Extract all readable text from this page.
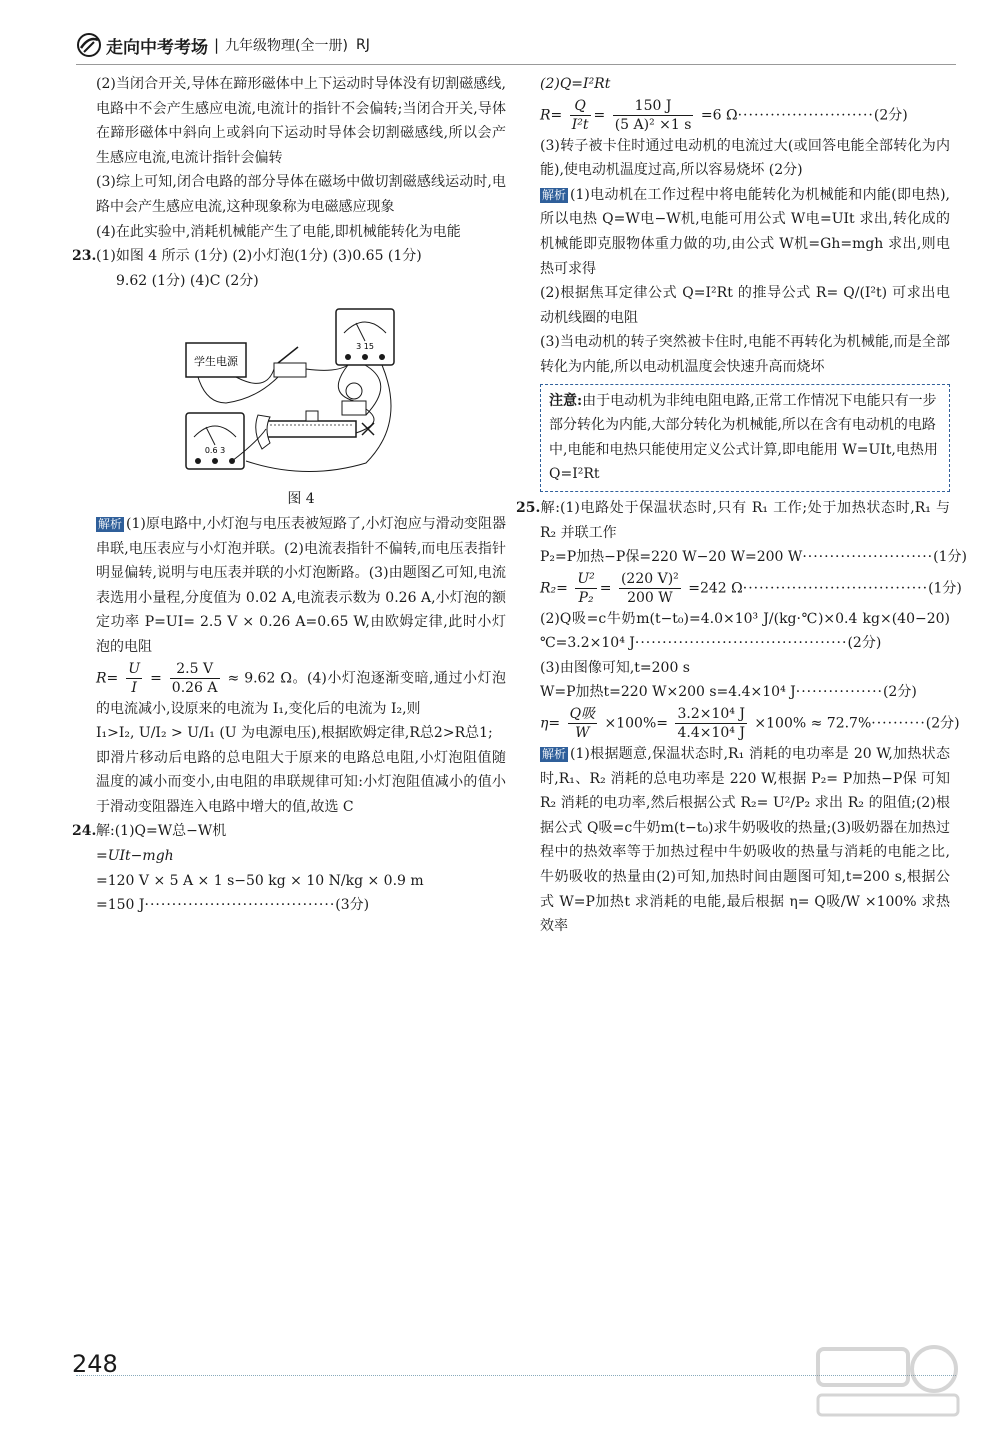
走向中考考场 | 九年级物理(全一册) RJ

(2)当闭合开关,导体在蹄形磁体中上下运动时导体没有切割磁感线,电路中不会产生感应电流,电流计的指针不会偏转;当闭合开关,导体在蹄形磁体中斜向上或斜向下运动时导体会切割磁感线,所以会产生感应电流,电流计指针会偏转

(3)综上可知,闭合电路的部分导体在磁场中做切割磁感线运动时,电路中会产生感应电流,这种现象称为电磁感应现象

(4)在此实验中,消耗机械能产生了电能,即机械能转化为电能

23.(1)如图 4 所示 (1分) (2)小灯泡(1分) (3)0.65 (1分)

9.62 (1分) (4)C (2分)

学生电源
3 15
0.6 3
图 4

解析 (1)原电路中,小灯泡与电压表被短路了,小灯泡应与滑动变阻器串联,电压表应与小灯泡并联。(2)电流表指针不偏转,而电压表指针明显偏转,说明与电压表并联的小灯泡断路。(3)由题图乙可知,电流表选用小量程,分度值为 0.02 A,电流表示数为 0.26 A,小灯泡的额定功率 P=UI= 2.5 V × 0.26 A=0.65 W,由欧姆定律,此时小灯泡的电阻

$R= \frac{U}{I} = \frac{2.5 V}{0.26 A} \approx 9.62$ Ω。(4)小灯泡逐渐变暗,通过小灯泡的电流减小,设原来的电流为 I₁,变化后的电流为 I₂,则

I₁>I₂, U/I₂ > U/I₁ (U 为电源电压),根据欧姆定律,R总2>R总1;

即滑片移动后电路的总电阻大于原来的电路总电阻,小灯泡阻值随温度的减小而变小,由电阻的串联规律可知:小灯泡阻值减小的值小于滑动变阻器连入电路中增大的值,故选 C

24.解:(1)Q=W总−W机

=UIt−mgh

=120 V × 5 A × 1 s−50 kg × 10 N/kg × 0.9 m

=150 J···································(3分)

(2)Q=I²Rt

$R= \frac{Q}{\text{I²t}} = \frac{150 J}{\text{(5 A)² ×1 s}} =6$ Ω·························(2分)

(3)转子被卡住时通过电动机的电流过大(或回答电能全部转化为内能),使电动机温度过高,所以容易烧坏 (2分)

解析 (1)电动机在工作过程中将电能转化为机械能和内能(即电热),所以电热 Q=W电−W机,电能可用公式 W电=UIt 求出,转化成的机械能即克服物体重力做的功,由公式 W机=Gh=mgh 求出,则电热可求得

(2)根据焦耳定律公式 Q=I²Rt 的推导公式 R= Q/(I²t) 可求出电动机线圈的电阻

(3)当电动机的转子突然被卡住时,电能不再转化为机械能,而是全部转化为内能,所以电动机温度会快速升高而烧坏

注意:由于电动机为非纯电阻电路,正常工作情况下电能只有一步部分转化为内能,大部分转化为机械能,所以在含有电动机的电路中,电能和电热只能使用定义公式计算,即电能用 W=UIt,电热用 Q=I²Rt

25.解:(1)电路处于保温状态时,只有 R₁ 工作;处于加热状态时,R₁ 与 R₂ 并联工作

P₂=P加热−P保=220 W−20 W=200 W························(1分)

$R_2= \frac{\text{U²}}{\text{P₂}} = \frac{\text{(220 V)²}}{200 W} =242$ Ω··································(1分)

(2)Q吸=c牛奶m(t−t₀)=4.0×10³ J/(kg·℃)×0.4 kg×(40−20) ℃=3.2×10⁴ J·······································(2分)

(3)由图像可知,t=200 s

W=P加热t=220 W×200 s=4.4×10⁴ J················(2分)

$\eta= \frac{\text{Q吸}}{W} \times 100\%= \frac{\text{3.2×10⁴ J}}{\text{4.4×10⁴ J}} \times 100\% \approx 72.7\%\cdot\cdot\cdot\cdot\cdot\cdot\cdot\cdot\cdot\cdot(2$分)

解析 (1)根据题意,保温状态时,R₁ 消耗的电功率是 20 W,加热状态时,R₁、R₂ 消耗的总电功率是 220 W,根据 P₂= P加热−P保 可知 R₂ 消耗的电功率,然后根据公式 R₂= U²/P₂ 求出 R₂ 的阻值;(2)根据公式 Q吸=c牛奶m(t−t₀)求牛奶吸收的热量;(3)吸奶器在加热过程中的热效率等于加热过程中牛奶吸收的热量与消耗的电能之比,牛奶吸收的热量由(2)可知,加热时间由题图可知,t=200 s,根据公式 W=P加热t 求消耗的电能,最后根据 η= Q吸/W ×100% 求热效率

248
